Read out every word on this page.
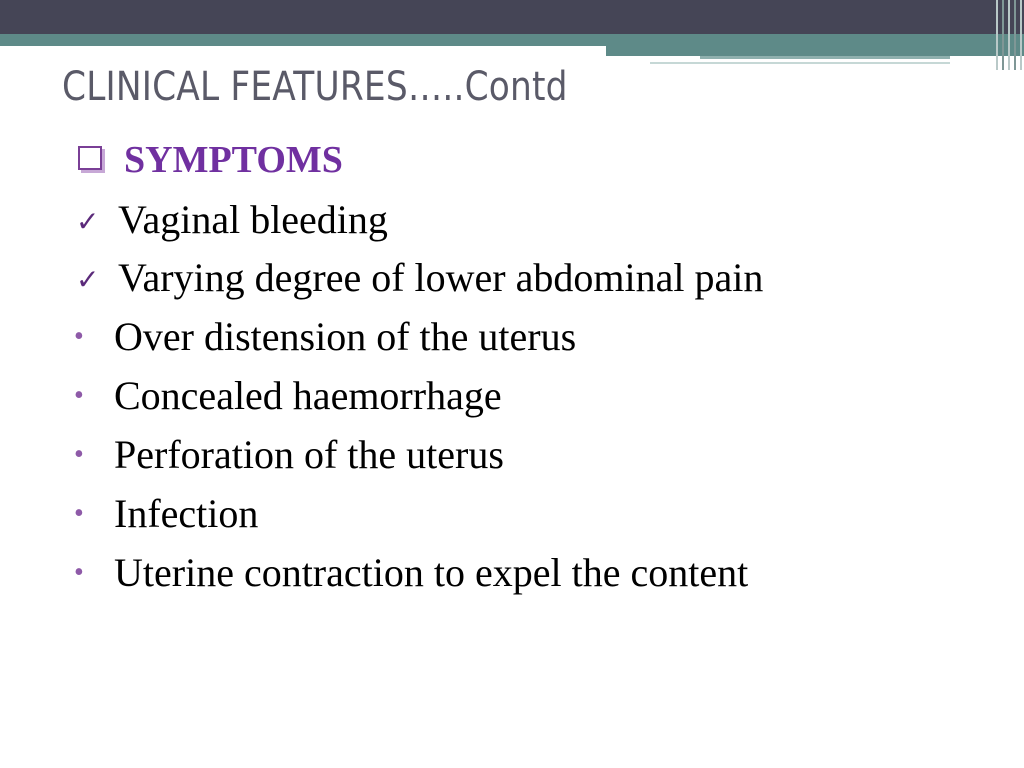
CLINICAL FEATURES…..Contd
SYMPTOMS
✓ Vaginal bleeding
✓ Varying degree of lower abdominal pain
• Over distension of the uterus
• Concealed haemorrhage
• Perforation of the uterus
• Infection
• Uterine contraction to expel the content
